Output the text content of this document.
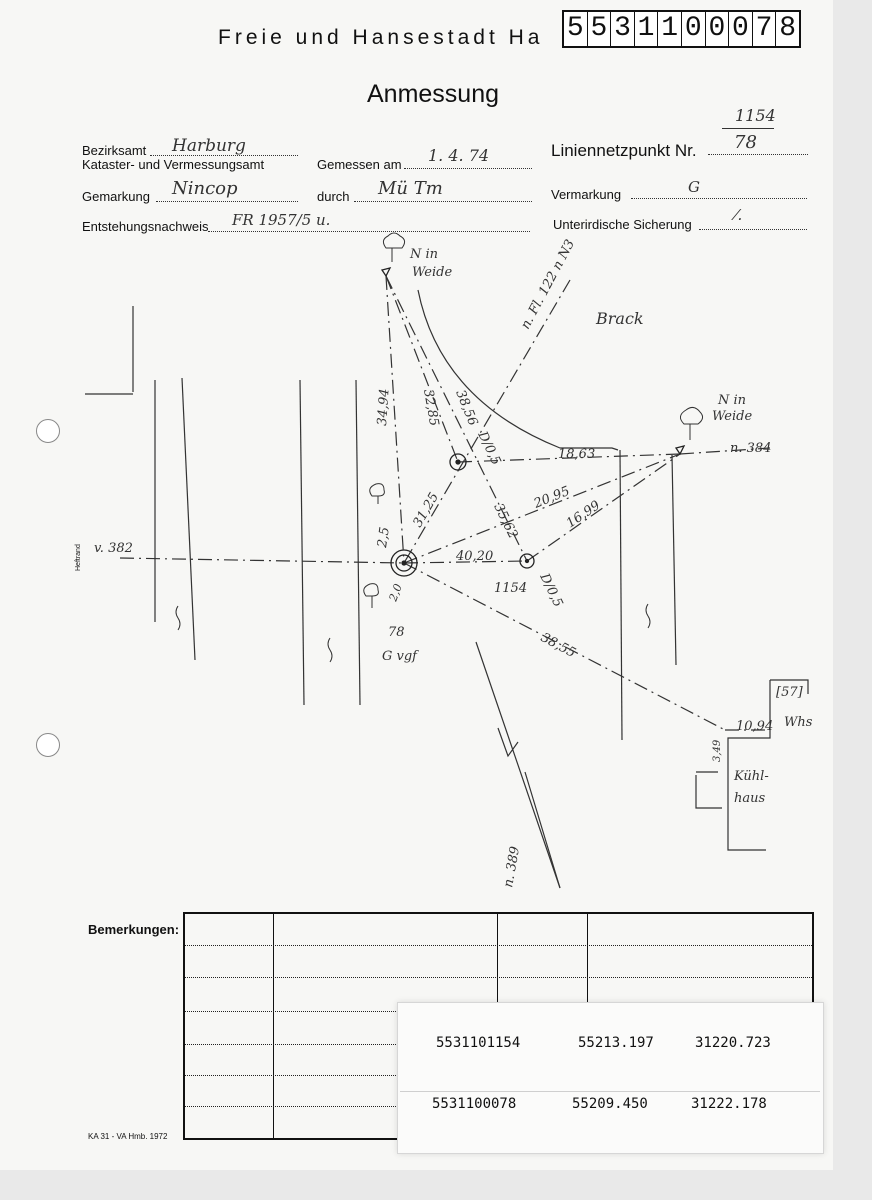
Freie und Hansestadt Ha 5 5 3 1 1 0 0 0 7 8
Anmessung
Bezirksamt Harburg
Kataster- und Vermessungsamt
Gemarkung Nincop
Entstehungsnachweis FR 1957/5 u.
Gemessen am 1. 4. 74
durch Mü Tm
1154
Liniennetzpunkt Nr. 78
Vermarkung	G
Unterirdische Sicherung
⁄.
Heftrand
N in
Weide
N in
Weide
Brack
n. Fl. 122 n N3
n. 384
v. 382
n. 389
32,85
34,94	38,56
18,63
D/0,5
31,25	35,62
20,95
16,99
40,20
2,5
1154 D/0,5
78
G vgf
2,0
38,55
[57]
Whs
10,94
3,49
Kühl-
haus
Bemerkungen:
KA 31 - VA Hmb. 1972
5531101154	55213.197	31220.723
5531100078	55209.450	31222.178
